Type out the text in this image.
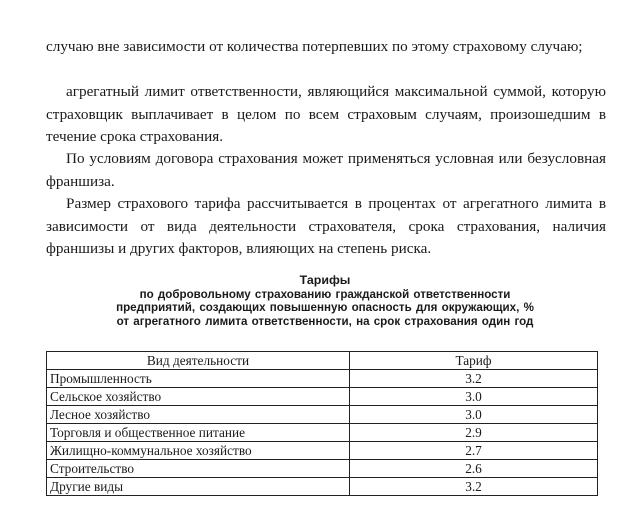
случаю вне зависимости от количества потерпевших по этому страховому случаю;

агрегатный лимит ответственности, являющийся максимальной суммой, которую страховщик выплачивает в целом по всем страховым случаям, произошедшим в течение срока страхования.

По условиям договора страхования может применяться условная или безусловная франшиза.

Размер страхового тарифа рассчитывается в процентах от агрегатного лимита в зависимости от вида деятельности страхователя, срока страхования, наличия франшизы и других факторов, влияющих на степень риска.

Тарифы
по добровольному страхованию гражданской ответственности
предприятий, создающих повышенную опасность для окружающих, %
от агрегатного лимита ответственности, на срок страхования один год
Вид деятельности	Тариф
Промышленность	3.2
Сельское хозяйство	3.0
Лесное хозяйство	3.0
Торговля и общественное питание	2.9
Жилищно-коммунальное хозяйство	2.7
Строительство	2.6
Другие виды	3.2
